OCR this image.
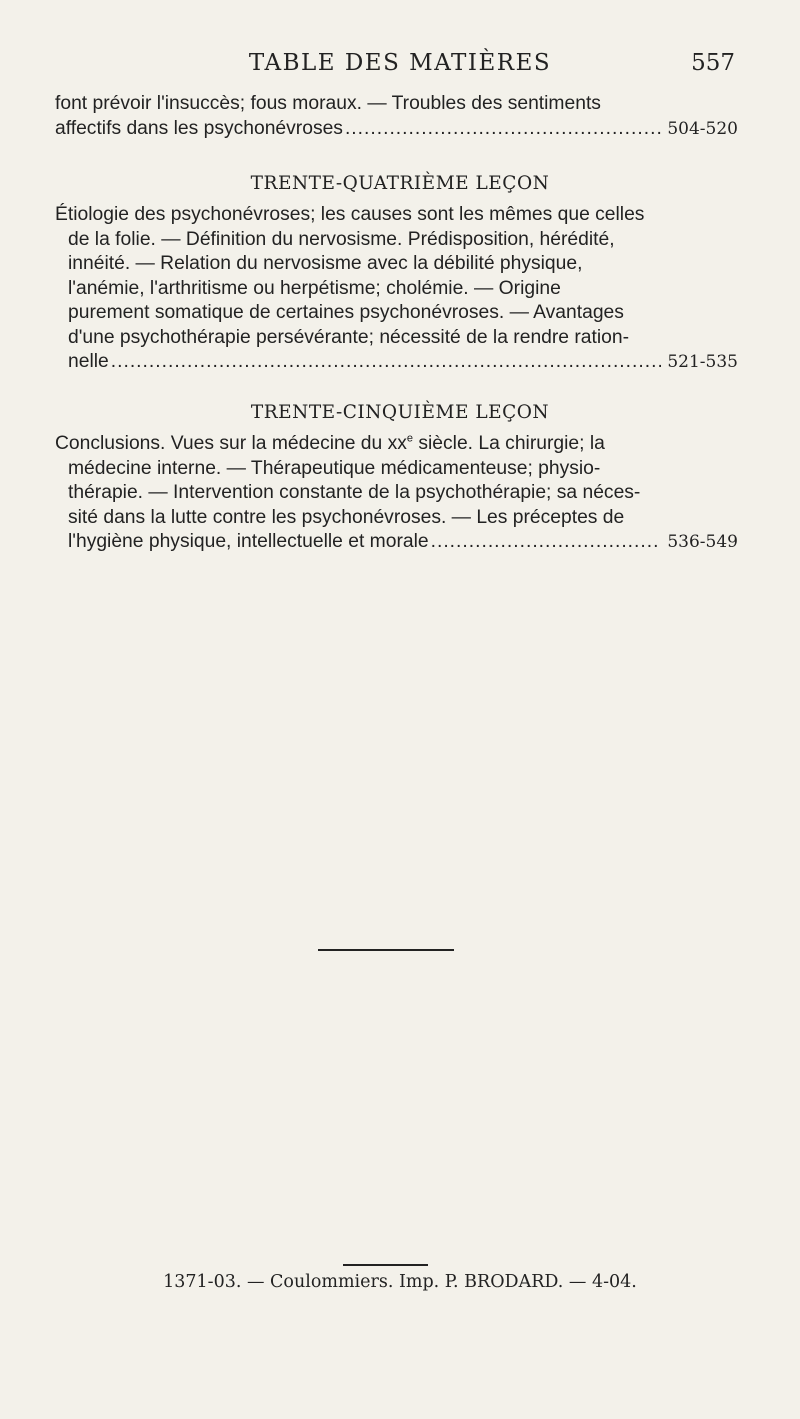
TABLE DES MATIÈRES	557
font prévoir l'insuccès; fous moraux. — Troubles des sentiments
affectifs dans les psychonévroses .....	504-520
TRENTE-QUATRIÈME LEÇON
Étiologie des psychonévroses; les causes sont les mêmes que celles
de la folie. — Définition du nervosisme. Prédisposition, hérédité,
innéité. — Relation du nervosisme avec la débilité physique,
l'anémie, l'arthritisme ou herpétisme; cholémie. — Origine
purement somatique de certaines psychonévroses. — Avantages
d'une psychothérapie persévérante; nécessité de la rendre ration-
nelle .....	521-535
TRENTE-CINQUIÈME LEÇON
Conclusions. Vues sur la médecine du $xx^e$ siècle. La chirurgie; la
médecine interne. — Thérapeutique médicamenteuse; physio-
thérapie. — Intervention constante de la psychothérapie; sa néces-
sité dans la lutte contre les psychonévroses. — Les préceptes de
l'hygiène physique, intellectuelle et morale .....	536-549
1371-03. — Coulommiers. Imp. P. BRODARD. — 4-04.
